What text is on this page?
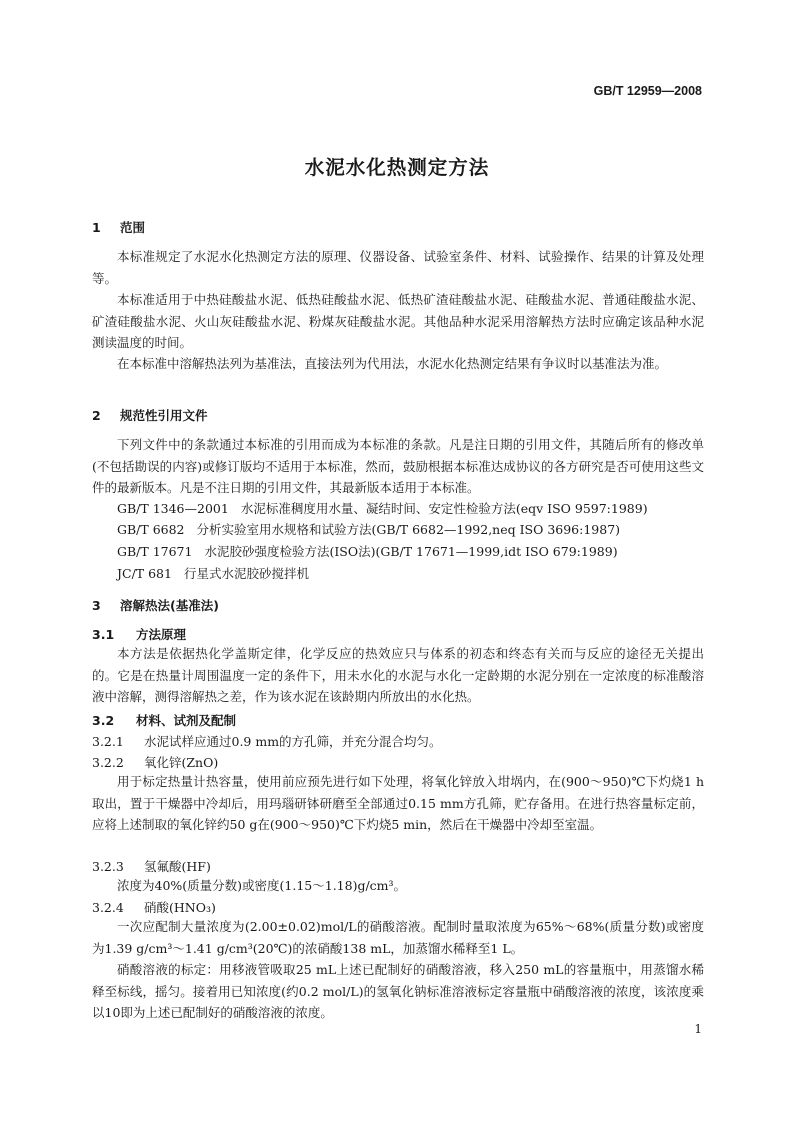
GB/T 12959—2008
水泥水化热测定方法
1 范围

本标准规定了水泥水化热测定方法的原理、仪器设备、试验室条件、材料、试验操作、结果的计算及处理等。

本标准适用于中热硅酸盐水泥、低热硅酸盐水泥、低热矿渣硅酸盐水泥、硅酸盐水泥、普通硅酸盐水泥、矿渣硅酸盐水泥、火山灰硅酸盐水泥、粉煤灰硅酸盐水泥。其他品种水泥采用溶解热方法时应确定该品种水泥测读温度的时间。

在本标准中溶解热法列为基准法，直接法列为代用法，水泥水化热测定结果有争议时以基准法为准。

2 规范性引用文件

下列文件中的条款通过本标准的引用而成为本标准的条款。凡是注日期的引用文件，其随后所有的修改单(不包括勘误的内容)或修订版均不适用于本标准，然而，鼓励根据本标准达成协议的各方研究是否可使用这些文件的最新版本。凡是不注日期的引用文件，其最新版本适用于本标准。

GB/T 1346—2001 水泥标准稠度用水量、凝结时间、安定性检验方法(eqv ISO 9597:1989)
GB/T 6682 分析实验室用水规格和试验方法(GB/T 6682—1992,neq ISO 3696:1987)
GB/T 17671 水泥胶砂强度检验方法(ISO法)(GB/T 17671—1999,idt ISO 679:1989)
JC/T 681 行星式水泥胶砂搅拌机
3 溶解热法(基准法)
3.1 方法原理

本方法是依据热化学盖斯定律，化学反应的热效应只与体系的初态和终态有关而与反应的途径无关提出的。它是在热量计周围温度一定的条件下，用未水化的水泥与水化一定龄期的水泥分别在一定浓度的标准酸溶液中溶解，测得溶解热之差，作为该水泥在该龄期内所放出的水化热。

3.2 材料、试剂及配制
3.2.1 水泥试样应通过0.9 mm的方孔筛，并充分混合均匀。
3.2.2 氧化锌(ZnO)

用于标定热量计热容量，使用前应预先进行如下处理，将氧化锌放入坩埚内，在(900～950)℃下灼烧1 h取出，置于干燥器中冷却后，用玛瑙研钵研磨至全部通过0.15 mm方孔筛，贮存备用。在进行热容量标定前，应将上述制取的氧化锌约50 g在(900～950)℃下灼烧5 min，然后在干燥器中冷却至室温。

3.2.3 氢氟酸(HF)

浓度为40%(质量分数)或密度(1.15～1.18)g/cm³。

3.2.4 硝酸(HNO₃)

一次应配制大量浓度为(2.00±0.02)mol/L的硝酸溶液。配制时量取浓度为65%～68%(质量分数)或密度为1.39 g/cm³～1.41 g/cm³(20℃)的浓硝酸138 mL，加蒸馏水稀释至1 L。

硝酸溶液的标定：用移液管吸取25 mL上述已配制好的硝酸溶液，移入250 mL的容量瓶中，用蒸馏水稀释至标线，摇匀。接着用已知浓度(约0.2 mol/L)的氢氧化钠标准溶液标定容量瓶中硝酸溶液的浓度，该浓度乘以10即为上述已配制好的硝酸溶液的浓度。

1
